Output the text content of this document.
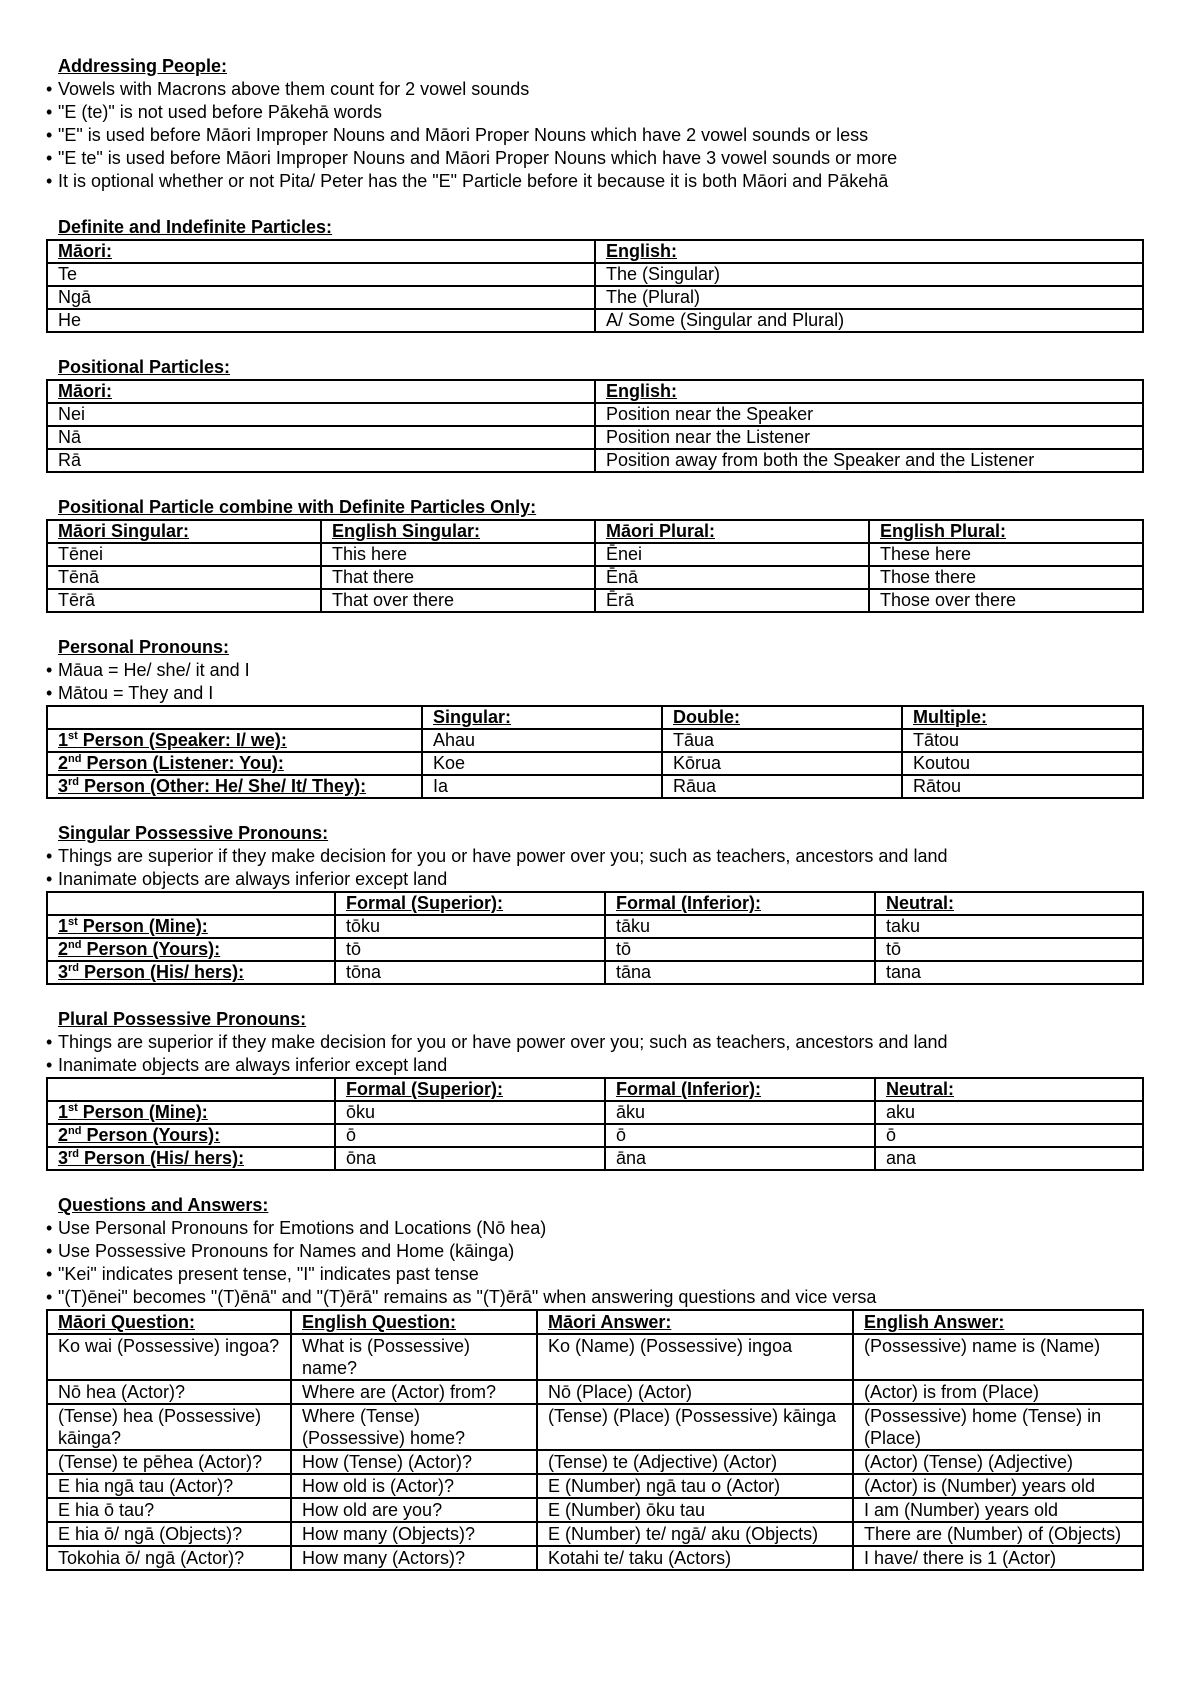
Addressing People:
• Vowels with Macrons above them count for 2 vowel sounds
• "E (te)" is not used before Pākehā words
• "E" is used before Māori Improper Nouns and Māori Proper Nouns which have 2 vowel sounds or less
• "E te" is used before Māori Improper Nouns and Māori Proper Nouns which have 3 vowel sounds or more
• It is optional whether or not Pita/ Peter has the "E" Particle before it because it is both Māori and Pākehā
Definite and Indefinite Particles:
Māori:	English:
Te	The (Singular)
Ngā	The (Plural)
He	A/ Some (Singular and Plural)
Positional Particles:
Māori:	English:
Nei	Position near the Speaker
Nā	Position near the Listener
Rā	Position away from both the Speaker and the Listener
Positional Particle combine with Definite Particles Only:
Māori Singular:	English Singular:	Māori Plural:	English Plural:
Tēnei	This here	Ēnei	These here
Tēnā	That there	Ēnā	Those there
Tērā	That over there	Ērā	Those over there
Personal Pronouns:
• Māua = He/ she/ it and I
• Mātou = They and I
	Singular:	Double:	Multiple:
1st Person (Speaker: I/ we):	Ahau	Tāua	Tātou
2nd Person (Listener: You):	Koe	Kōrua	Koutou
3rd Person (Other: He/ She/ It/ They):	Ia	Rāua	Rātou
Singular Possessive Pronouns:
• Things are superior if they make decision for you or have power over you; such as teachers, ancestors and land
• Inanimate objects are always inferior except land
	Formal (Superior):	Formal (Inferior):	Neutral:
1st Person (Mine):	tōku	tāku	taku
2nd Person (Yours):	tō	tō	tō
3rd Person (His/ hers):	tōna	tāna	tana
Plural Possessive Pronouns:
• Things are superior if they make decision for you or have power over you; such as teachers, ancestors and land
• Inanimate objects are always inferior except land
	Formal (Superior):	Formal (Inferior):	Neutral:
1st Person (Mine):	ōku	āku	aku
2nd Person (Yours):	ō	ō	ō
3rd Person (His/ hers):	ōna	āna	ana
Questions and Answers:
• Use Personal Pronouns for Emotions and Locations (Nō hea)
• Use Possessive Pronouns for Names and Home (kāinga)
• "Kei" indicates present tense, "I" indicates past tense
• "(T)ēnei" becomes "(T)ēnā" and "(T)ērā" remains as "(T)ērā" when answering questions and vice versa
Māori Question:	English Question:	Māori Answer:	English Answer:
Ko wai (Possessive) ingoa?	What is (Possessive) name?	Ko (Name) (Possessive) ingoa	(Possessive) name is (Name)
Nō hea (Actor)?	Where are (Actor) from?	Nō (Place) (Actor)	(Actor) is from (Place)
(Tense) hea (Possessive) kāinga?	Where (Tense) (Possessive) home?	(Tense) (Place) (Possessive) kāinga	(Possessive) home (Tense) in (Place)
(Tense) te pēhea (Actor)?	How (Tense) (Actor)?	(Tense) te (Adjective) (Actor)	(Actor) (Tense) (Adjective)
E hia ngā tau (Actor)?	How old is (Actor)?	E (Number) ngā tau o (Actor)	(Actor) is (Number) years old
E hia ō tau?	How old are you?	E (Number) ōku tau	I am (Number) years old
E hia ō/ ngā (Objects)?	How many (Objects)?	E (Number) te/ ngā/ aku (Objects)	There are (Number) of (Objects)
Tokohia ō/ ngā (Actor)?	How many (Actors)?	Kotahi te/ taku (Actors)	I have/ there is 1 (Actor)
